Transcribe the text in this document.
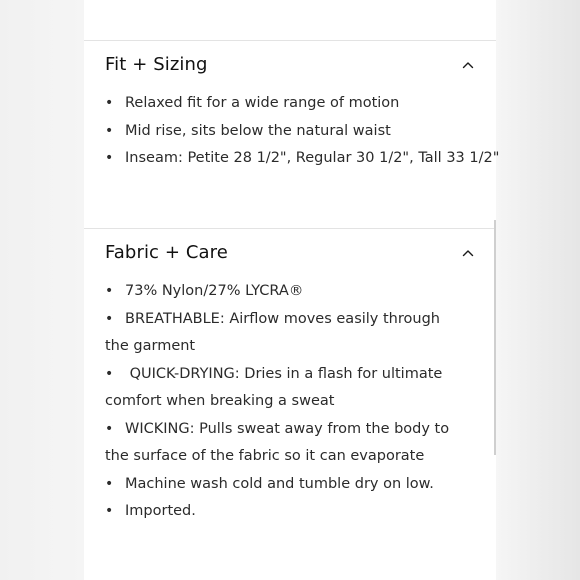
Fit + Sizing
• Relaxed fit for a wide range of motion
• Mid rise, sits below the natural waist
• Inseam: Petite 28 1/2", Regular 30 1/2", Tall 33 1/2"
Fabric + Care
• 73% Nylon/27% LYCRA®
• BREATHABLE: Airflow moves easily through the garment
• QUICK-DRYING: Dries in a flash for ultimate comfort when breaking a sweat
• WICKING: Pulls sweat away from the body to the surface of the fabric so it can evaporate
• Machine wash cold and tumble dry on low.
• Imported.
